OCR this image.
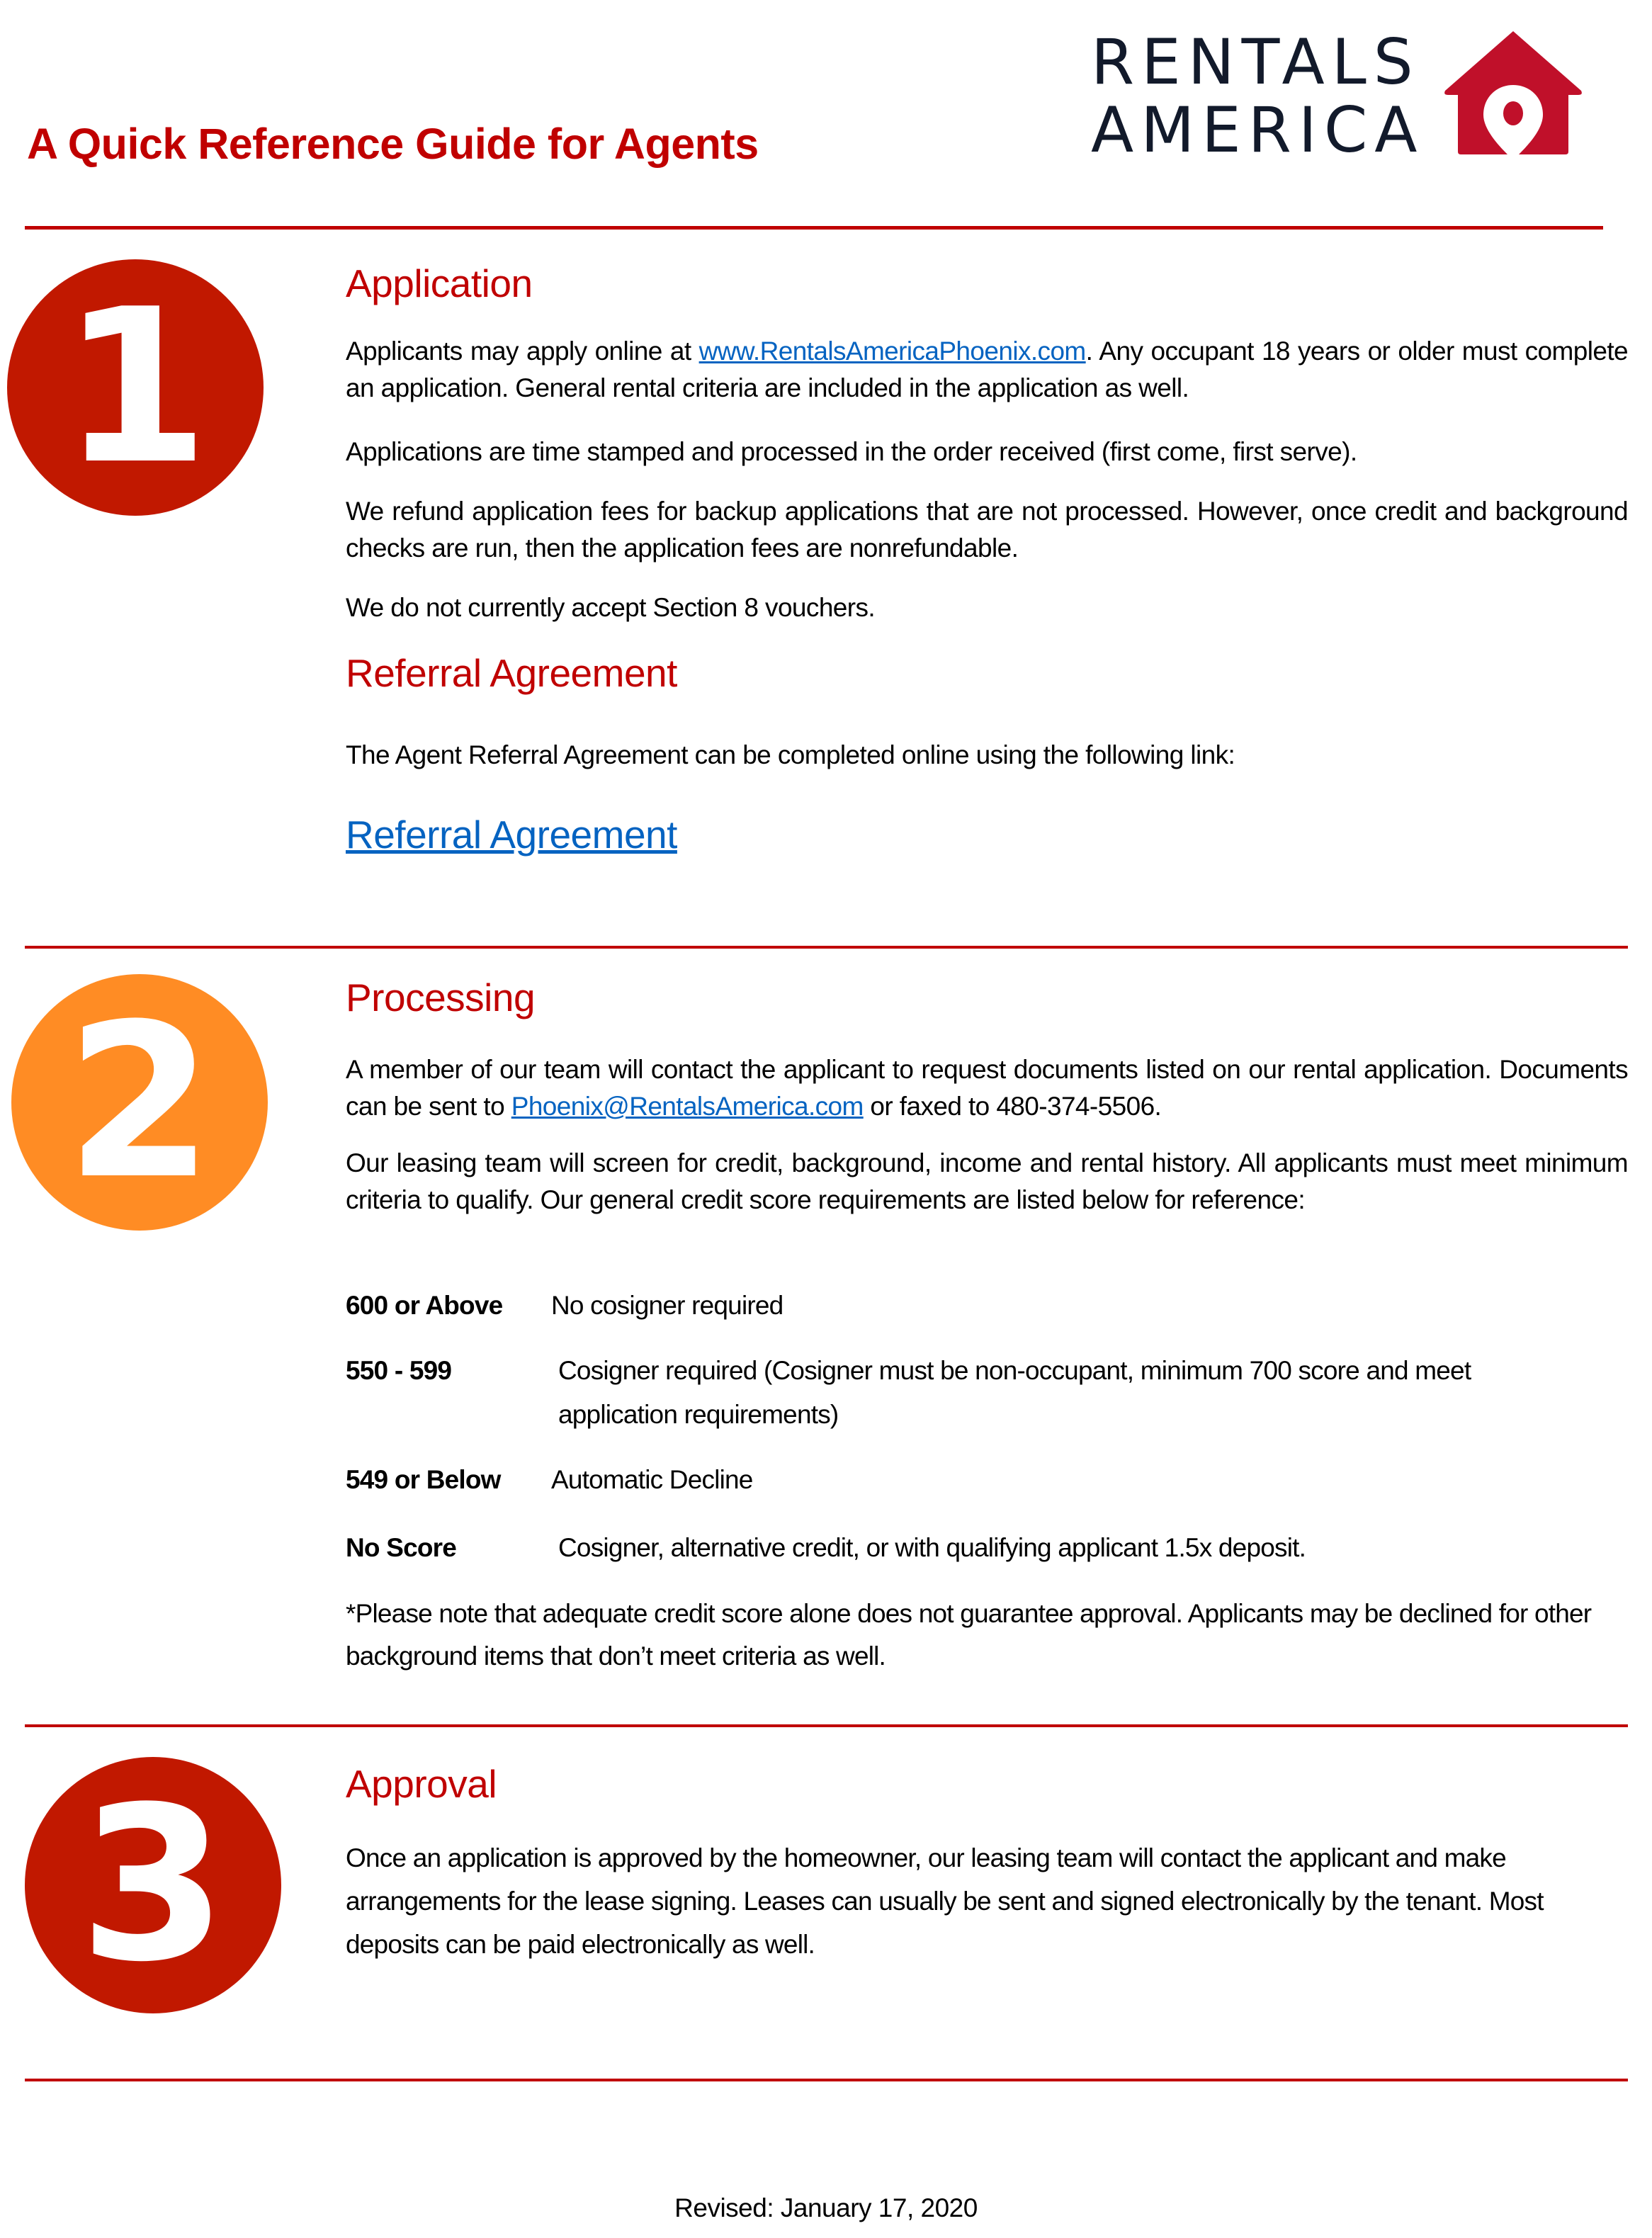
A Quick Reference Guide for Agents
RENTALS
AMERICA
1	Application
Applicants may apply online at www.RentalsAmericaPhoenix.com. Any occupant 18 years or older must complete an application. General rental criteria are included in the application as well.
Applications are time stamped and processed in the order received (first come, first serve).
We refund application fees for backup applications that are not processed. However, once credit and background checks are run, then the application fees are nonrefundable.
We do not currently accept Section 8 vouchers.
Referral Agreement
The Agent Referral Agreement can be completed online using the following link:
Referral Agreement
2	Processing
A member of our team will contact the applicant to request documents listed on our rental application. Documents can be sent to Phoenix@RentalsAmerica.com or faxed to 480-374-5506.
Our leasing team will screen for credit, background, income and rental history. All applicants must meet minimum criteria to qualify. Our general credit score requirements are listed below for reference:
600 or Above	No cosigner required
550 - 599	Cosigner required (Cosigner must be non-occupant, minimum 700 score and meet application requirements)
549 or Below	Automatic Decline
No Score	Cosigner, alternative credit, or with qualifying applicant 1.5x deposit.
*Please note that adequate credit score alone does not guarantee approval. Applicants may be declined for other background items that don’t meet criteria as well.
3	Approval
Once an application is approved by the homeowner, our leasing team will contact the applicant and make arrangements for the lease signing. Leases can usually be sent and signed electronically by the tenant. Most deposits can be paid electronically as well.
Revised: January 17, 2020
